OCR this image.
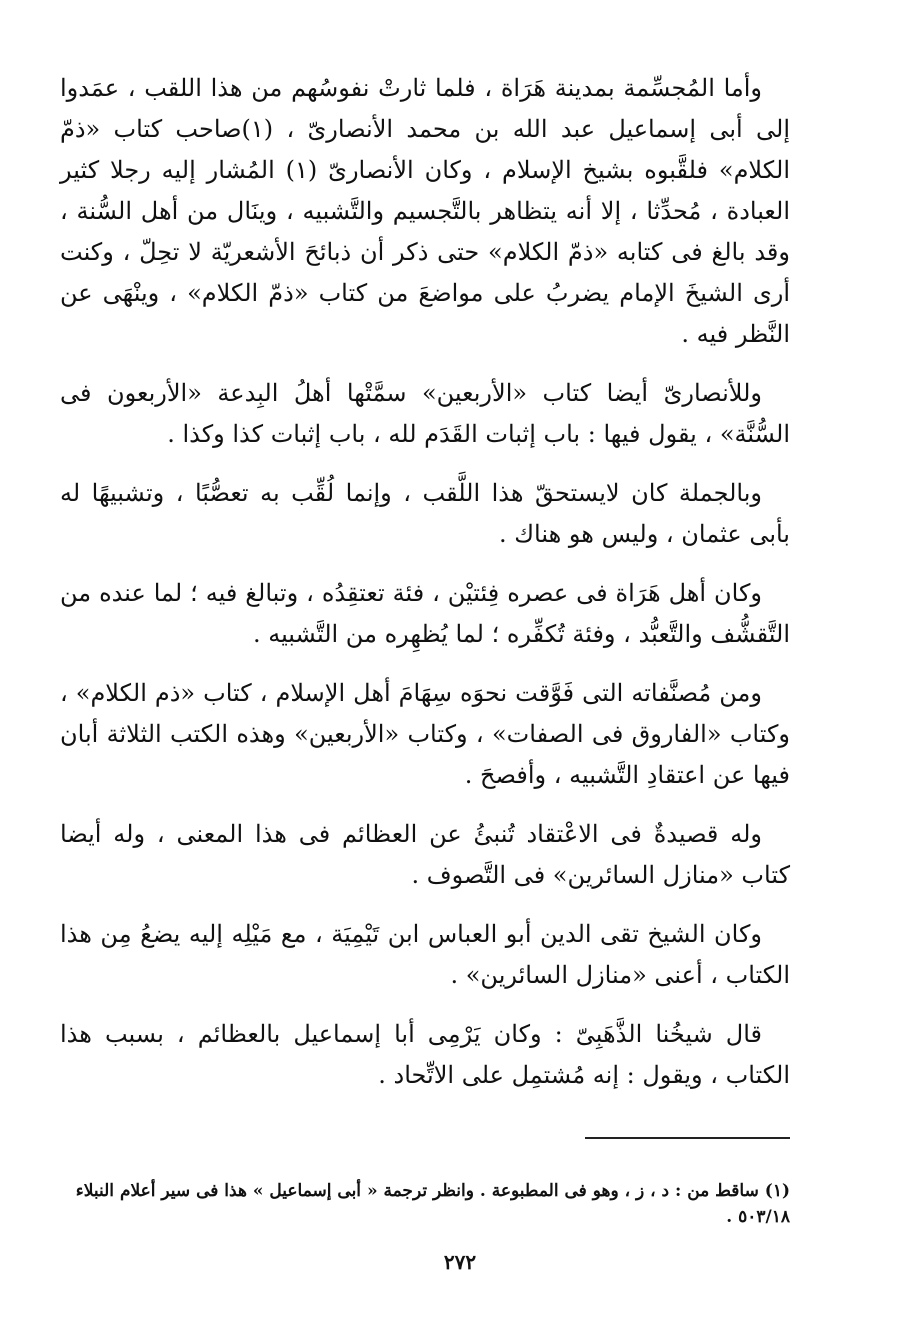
وأما المُجسِّمة بمدينة هَرَاة ، فلما ثارتْ نفوسُهم من هذا اللقب ، عمَدوا إلى أبى إسماعيل عبد الله بن محمد الأنصارىّ ، (١)صاحب كتاب «ذمّ الكلام» فلقَّبوه بشيخ الإسلام ، وكان الأنصارىّ (١) المُشار إليه رجلا كثير العبادة ، مُحدِّثا ، إلا أنه يتظاهر بالتَّجسيم والتَّشبيه ، وينَال من أهل السُّنة ، وقد بالغ فى كتابه «ذمّ الكلام» حتى ذكر أن ذبائحَ الأشعريّة لا تحِلّ ، وكنت أرى الشيخَ الإمام يضربُ على مواضعَ من كتاب «ذمّ الكلام» ، وينْهَى عن النَّظر فيه .

وللأنصارىّ أيضا كتاب «الأربعين» سمَّتْها أهلُ البِدعة «الأربعون فى السُّنَّة» ، يقول فيها : باب إثبات القَدَم لله ، باب إثبات كذا وكذا .

وبالجملة كان لايستحقّ هذا اللَّقب ، وإنما لُقِّب به تعصُّبًا ، وتشبيهًا له بأبى عثمان ، وليس هو هناك .

وكان أهل هَرَاة فى عصره فِئتيْن ، فئة تعتقِدُه ، وتبالغ فيه ؛ لما عنده من التَّقشُّف والتَّعبُّد ، وفئة تُكفِّره ؛ لما يُظهِره من التَّشبيه .

ومن مُصنَّفاته التى فَوَّقت نحوَه سِهَامَ أهل الإسلام ، كتاب «ذم الكلام» ، وكتاب «الفاروق فى الصفات» ، وكتاب «الأربعين» وهذه الكتب الثلاثة أبان فيها عن اعتقادِ التَّشبيه ، وأفصحَ .

وله قصيدةٌ فى الاعْتقاد تُنبئُ عن العظائم فى هذا المعنى ، وله أيضا كتاب «منازل السائرين» فى التَّصوف .

وكان الشيخ تقى الدين أبو العباس ابن تَيْمِيَة ، مع مَيْلِه إليه يضعُ مِن هذا الكتاب ، أعنى «منازل السائرين» .

قال شيخُنا الذَّهَبِىّ : وكان يَرْمِى أبا إسماعيل بالعظائم ، بسبب هذا الكتاب ، ويقول : إنه مُشتمِل على الاتِّحاد .

(١) ساقط من : د ، ز ، وهو فى المطبوعة . وانظر ترجمة « أبى إسماعيل » هذا فى سير أعلام النبلاء ٥٠٣/١٨ .
٢٧٢
